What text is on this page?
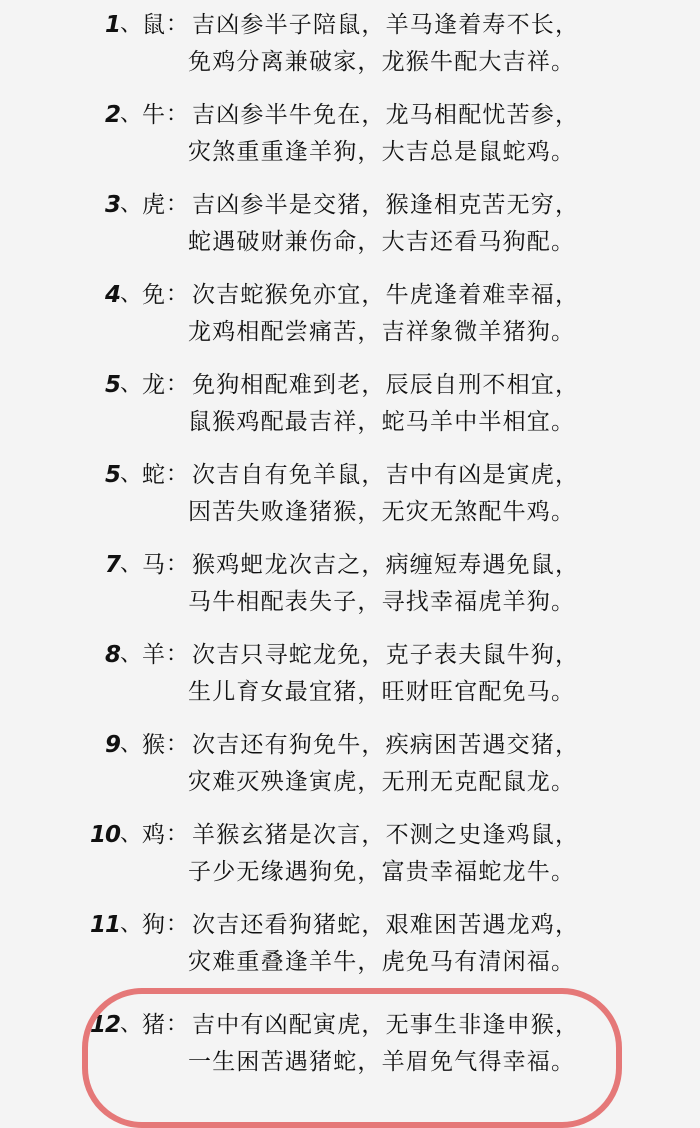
1 、 鼠 ： 吉凶参半子陪鼠，羊马逢着寿不长，
免鸡分离兼破家，龙猴牛配大吉祥。
2 、 牛 ： 吉凶参半牛免在，龙马相配忧苦参，
灾煞重重逢羊狗，大吉总是鼠蛇鸡。
3 、 虎 ： 吉凶参半是交猪，猴逢相克苦无穷，
蛇遇破财兼伤命，大吉还看马狗配。
4 、 免 ： 次吉蛇猴免亦宜，牛虎逢着难幸福，
龙鸡相配尝痛苦，吉祥象微羊猪狗。
5 、 龙 ： 免狗相配难到老，辰辰自刑不相宜，
鼠猴鸡配最吉祥，蛇马羊中半相宜。
5 、 蛇 ： 次吉自有免羊鼠，吉中有凶是寅虎，
因苦失败逢猪猴，无灾无煞配牛鸡。
7 、 马 ： 猴鸡蚆龙次吉之，病缠短寿遇免鼠，
马牛相配表失子，寻找幸福虎羊狗。
8 、 羊 ： 次吉只寻蛇龙免，克子表夫鼠牛狗，
生儿育女最宜猪，旺财旺官配免马。
9 、 猴 ： 次吉还有狗免牛，疾病困苦遇交猪，
灾难灭殃逢寅虎，无刑无克配鼠龙。
10 、 鸡 ： 羊猴玄猪是次言，不测之史逢鸡鼠，
子少无缘遇狗免，富贵幸福蛇龙牛。
11 、 狗 ： 次吉还看狗猪蛇，艰难困苦遇龙鸡，
灾难重叠逢羊牛，虎免马有清闲福。
12 、 猪 ： 吉中有凶配寅虎，无事生非逢申猴，
一生困苦遇猪蛇，羊眉免气得幸福。
